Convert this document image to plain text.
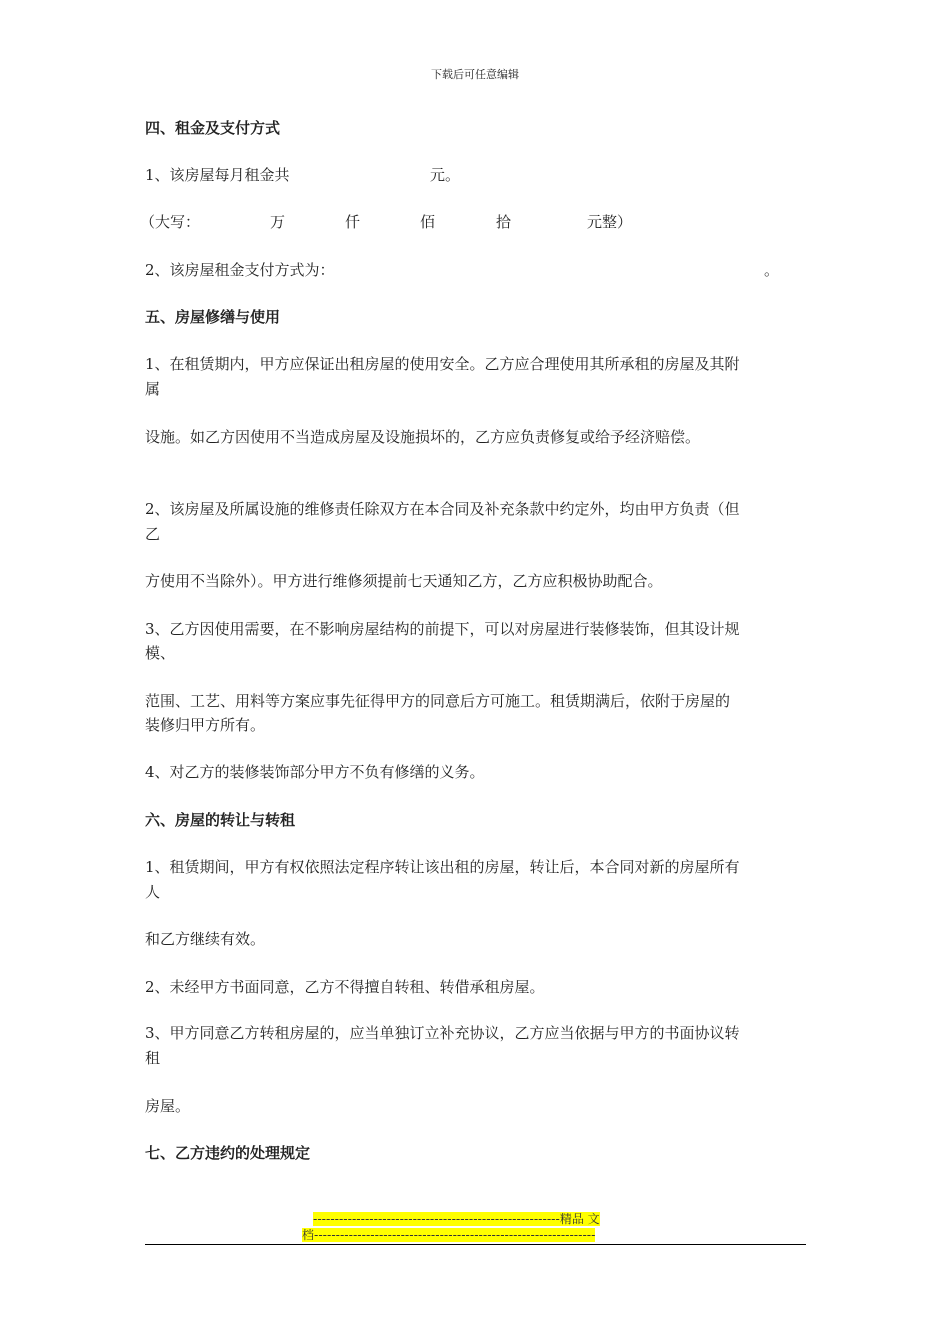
下载后可任意编辑
四、租金及支付方式
1、该房屋每月租金共	元。
（大写：	万	仟	佰	拾	元整）
2、该房屋租金支付方式为：	。
五、房屋修缮与使用
1、在租赁期内，甲方应保证出租房屋的使用安全。乙方应合理使用其所承租的房屋及其附
属
设施。如乙方因使用不当造成房屋及设施损坏的，乙方应负责修复或给予经济赔偿。
2、该房屋及所属设施的维修责任除双方在本合同及补充条款中约定外，均由甲方负责（但
乙
方使用不当除外）。甲方进行维修须提前七天通知乙方，乙方应积极协助配合。
3、乙方因使用需要，在不影响房屋结构的前提下，可以对房屋进行装修装饰，但其设计规
模、
范围、工艺、用料等方案应事先征得甲方的同意后方可施工。租赁期满后，依附于房屋的
装修归甲方所有。
4、对乙方的装修装饰部分甲方不负有修缮的义务。
六、房屋的转让与转租
1、租赁期间，甲方有权依照法定程序转让该出租的房屋，转让后，本合同对新的房屋所有
人
和乙方继续有效。
2、未经甲方书面同意，乙方不得擅自转租、转借承租房屋。
3、甲方同意乙方转租房屋的，应当单独订立补充协议，乙方应当依据与甲方的书面协议转
租
房屋。
七、乙方违约的处理规定
---------------------------------------------------------精品 文
档-----------------------------------------------------------------
